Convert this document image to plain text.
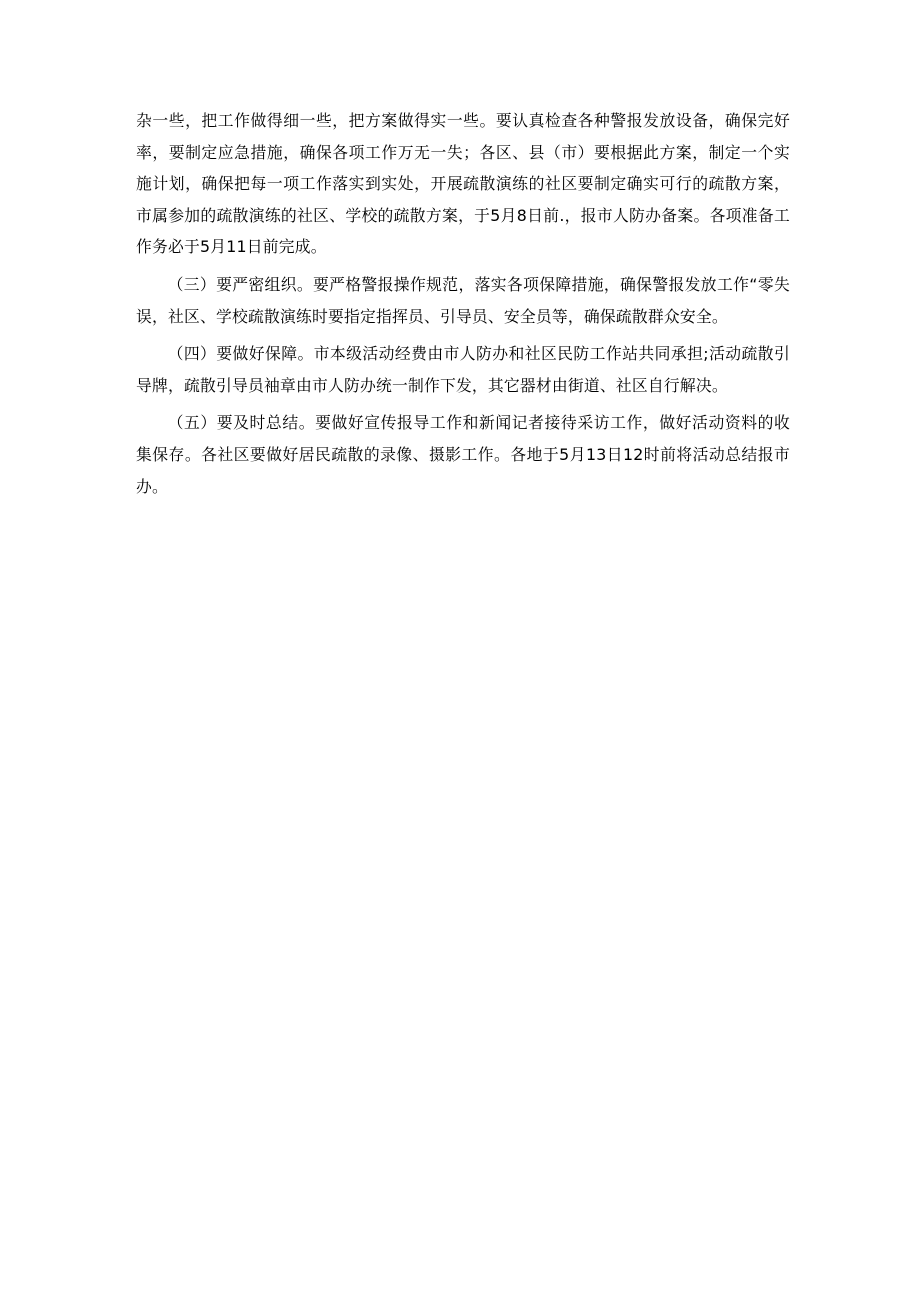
杂一些，把工作做得细一些，把方案做得实一些。要认真检查各种警报发放设备，确保完好率，要制定应急措施，确保各项工作万无一失；各区、县（市）要根据此方案，制定一个实施计划，确保把每一项工作落实到实处，开展疏散演练的社区要制定确实可行的疏散方案，市属参加的疏散演练的社区、学校的疏散方案，于5月8日前.，报市人防办备案。各项准备工作务必于5月11日前完成。

（三）要严密组织。要严格警报操作规范，落实各项保障措施，确保警报发放工作“零失误，社区、学校疏散演练时要指定指挥员、引导员、安全员等，确保疏散群众安全。

（四）要做好保障。市本级活动经费由市人防办和社区民防工作站共同承担;活动疏散引导牌，疏散引导员袖章由市人防办统一制作下发，其它器材由街道、社区自行解决。

（五）要及时总结。要做好宣传报导工作和新闻记者接待采访工作，做好活动资料的收集保存。各社区要做好居民疏散的录像、摄影工作。各地于5月13日12时前将活动总结报市办。
